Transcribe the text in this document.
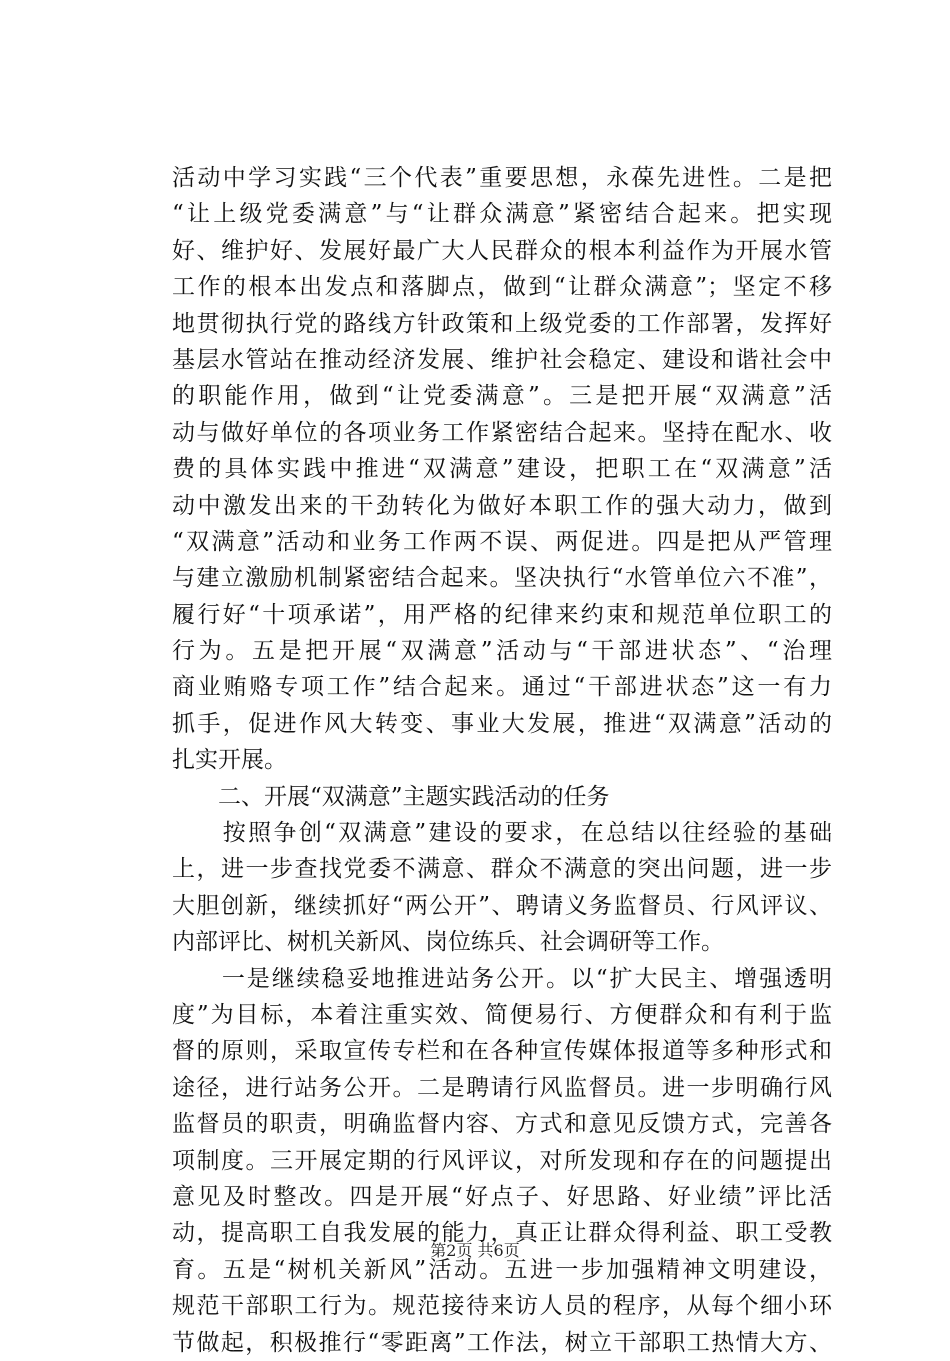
活动中学习实践“三个代表”重要思想，永葆先进性。二是把
“让上级党委满意”与“让群众满意”紧密结合起来。把实现
好、维护好、发展好最广大人民群众的根本利益作为开展水管
工作的根本出发点和落脚点，做到“让群众满意”；坚定不移
地贯彻执行党的路线方针政策和上级党委的工作部署，发挥好
基层水管站在推动经济发展、维护社会稳定、建设和谐社会中
的职能作用，做到“让党委满意”。三是把开展“双满意”活
动与做好单位的各项业务工作紧密结合起来。坚持在配水、收
费的具体实践中推进“双满意”建设，把职工在“双满意”活
动中激发出来的干劲转化为做好本职工作的强大动力，做到
“双满意”活动和业务工作两不误、两促进。四是把从严管理
与建立激励机制紧密结合起来。坚决执行“水管单位六不准”，
履行好“十项承诺”，用严格的纪律来约束和规范单位职工的
行为。五是把开展“双满意”活动与“干部进状态”、“治理
商业贿赂专项工作”结合起来。通过“干部进状态”这一有力
抓手，促进作风大转变、事业大发展，推进“双满意”活动的
扎实开展。
　　二、开展“双满意”主题实践活动的任务
　　按照争创“双满意”建设的要求，在总结以往经验的基础
上，进一步查找党委不满意、群众不满意的突出问题，进一步
大胆创新，继续抓好“两公开”、聘请义务监督员、行风评议、
内部评比、树机关新风、岗位练兵、社会调研等工作。
　　一是继续稳妥地推进站务公开。以“扩大民主、增强透明
度”为目标，本着注重实效、简便易行、方便群众和有利于监
督的原则，采取宣传专栏和在各种宣传媒体报道等多种形式和
途径，进行站务公开。二是聘请行风监督员。进一步明确行风
监督员的职责，明确监督内容、方式和意见反馈方式，完善各
项制度。三开展定期的行风评议，对所发现和存在的问题提出
意见及时整改。四是开展“好点子、好思路、好业绩”评比活
动，提高职工自我发展的能力，真正让群众得利益、职工受教
育。五是“树机关新风”活动。五进一步加强精神文明建设，
规范干部职工行为。规范接待来访人员的程序，从每个细小环
节做起，积极推行“零距离”工作法，树立干部职工热情大方、
第2页 共6页
